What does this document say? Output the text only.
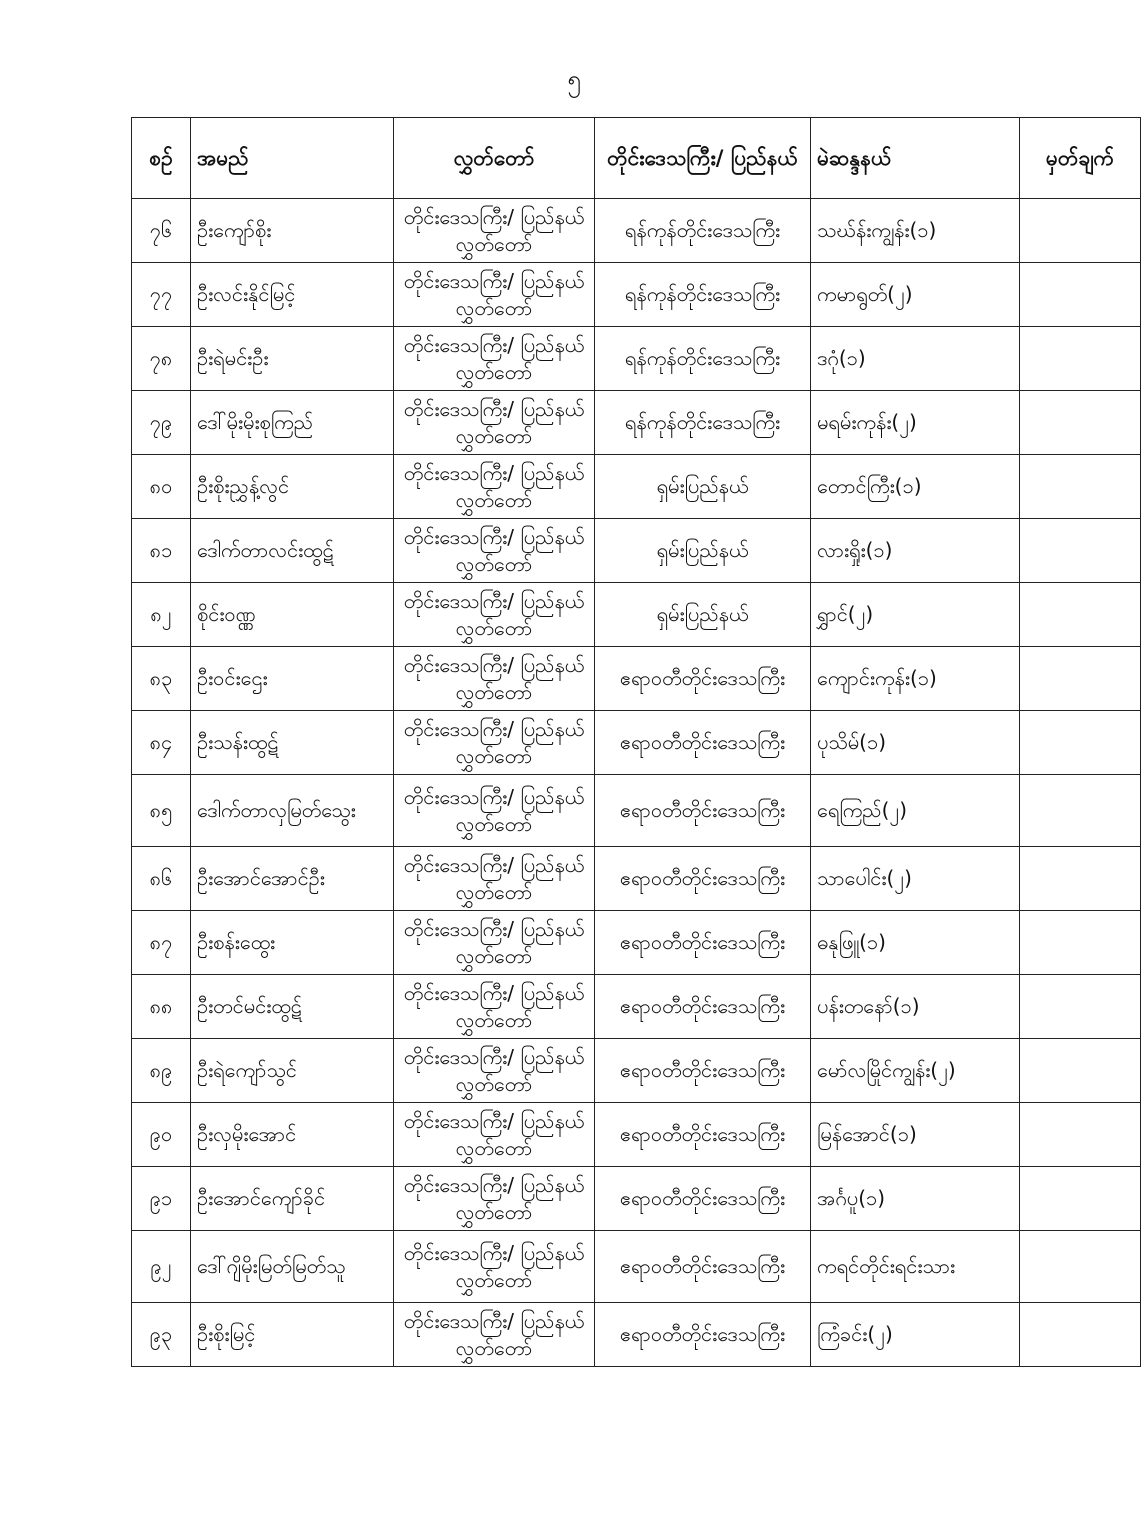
၅
စဉ်	အမည်	လွှတ်တော်	တိုင်းဒေသကြီး/ ပြည်နယ်	မဲဆန္ဒနယ်	မှတ်ချက်
၇၆	ဦးကျော်စိုး	တိုင်းဒေသကြီး/ ပြည်နယ်လွှတ်တော်	ရန်ကုန်တိုင်းဒေသကြီး	သဃ်န်းကျွန်း(၁)	
၇၇	ဦးလင်းနိုင်မြင့်	တိုင်းဒေသကြီး/ ပြည်နယ်လွှတ်တော်	ရန်ကုန်တိုင်းဒေသကြီး	ကမာရွတ်(၂)	
၇၈	ဦးရဲမင်းဦး	တိုင်းဒေသကြီး/ ပြည်နယ်လွှတ်တော်	ရန်ကုန်တိုင်းဒေသကြီး	ဒဂုံ(၁)	
၇၉	ဒေါ်မိုးမိုးစုကြည်	တိုင်းဒေသကြီး/ ပြည်နယ်လွှတ်တော်	ရန်ကုန်တိုင်းဒေသကြီး	မရမ်းကုန်း(၂)	
၈၀	ဦးစိုးညွှန့်လွင်	တိုင်းဒေသကြီး/ ပြည်နယ်လွှတ်တော်	ရှမ်းပြည်နယ်	တောင်ကြီး(၁)	
၈၁	ဒေါက်တာလင်းထွဋ်	တိုင်းဒေသကြီး/ ပြည်နယ်လွှတ်တော်	ရှမ်းပြည်နယ်	လားရှိုး(၁)	
၈၂	စိုင်းဝဏ္ဏ	တိုင်းဒေသကြီး/ ပြည်နယ်လွှတ်တော်	ရှမ်းပြည်နယ်	ရွှာင်(၂)	
၈၃	ဦးဝင်းဌေး	တိုင်းဒေသကြီး/ ပြည်နယ်လွှတ်တော်	ဧရာဝတီတိုင်းဒေသကြီး	ကျောင်းကုန်း(၁)	
၈၄	ဦးသန်းထွဋ်	တိုင်းဒေသကြီး/ ပြည်နယ်လွှတ်တော်	ဧရာဝတီတိုင်းဒေသကြီး	ပုသိမ်(၁)	
၈၅	ဒေါက်တာလှမြတ်သွေး	တိုင်းဒေသကြီး/ ပြည်နယ်လွှတ်တော်	ဧရာဝတီတိုင်းဒေသကြီး	ရေကြည်(၂)	
၈၆	ဦးအောင်အောင်ဦး	တိုင်းဒေသကြီး/ ပြည်နယ်လွှတ်တော်	ဧရာဝတီတိုင်းဒေသကြီး	သာပေါင်း(၂)	
၈၇	ဦးစန်းထွေး	တိုင်းဒေသကြီး/ ပြည်နယ်လွှတ်တော်	ဧရာဝတီတိုင်းဒေသကြီး	ဓနုဖြူ(၁)	
၈၈	ဦးတင်မင်းထွဋ်	တိုင်းဒေသကြီး/ ပြည်နယ်လွှတ်တော်	ဧရာဝတီတိုင်းဒေသကြီး	ပန်းတနော်(၁)	
၈၉	ဦးရဲကျော်သွင်	တိုင်းဒေသကြီး/ ပြည်နယ်လွှတ်တော်	ဧရာဝတီတိုင်းဒေသကြီး	မော်လမြိုင်ကျွန်း(၂)	
၉၀	ဦးလှမိုးအောင်	တိုင်းဒေသကြီး/ ပြည်နယ်လွှတ်တော်	ဧရာဝတီတိုင်းဒေသကြီး	မြန်အောင်(၁)	
၉၁	ဦးအောင်ကျော်ခိုင်	တိုင်းဒေသကြီး/ ပြည်နယ်လွှတ်တော်	ဧရာဝတီတိုင်းဒေသကြီး	အင်္ဂပူ(၁)	
၉၂	ဒေါ်ဂျိမိုးမြတ်မြတ်သူ	တိုင်းဒေသကြီး/ ပြည်နယ်လွှတ်တော်	ဧရာဝတီတိုင်းဒေသကြီး	ကရင်တိုင်းရင်းသား	
၉၃	ဦးစိုးမြင့်	တိုင်းဒေသကြီး/ ပြည်နယ်လွှတ်တော်	ဧရာဝတီတိုင်းဒေသကြီး	ကြံခင်း(၂)	
